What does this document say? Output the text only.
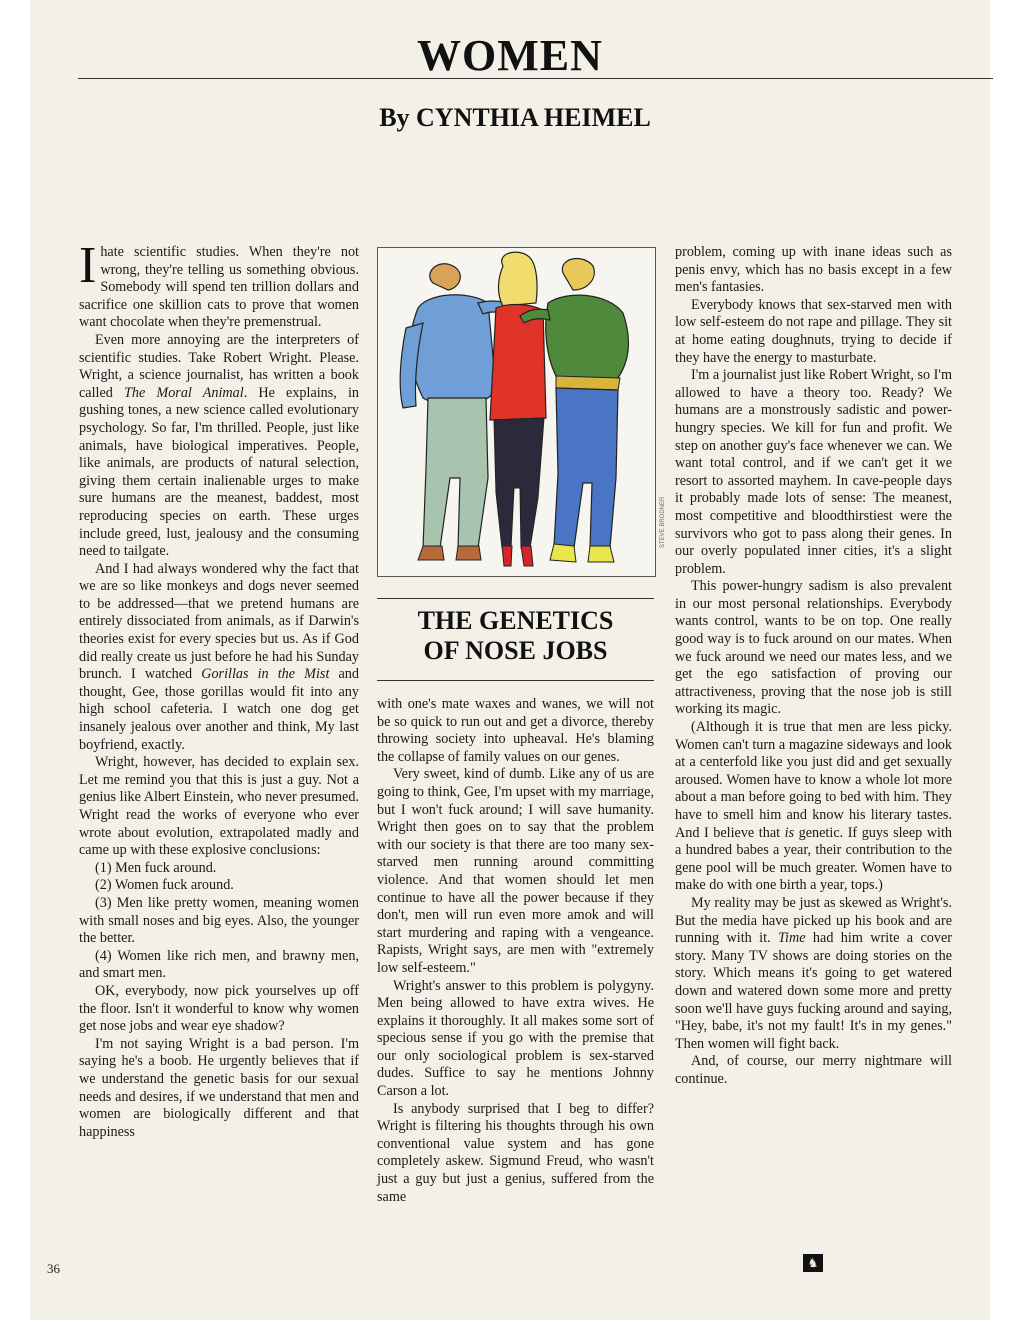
WOMEN
By CYNTHIA HEIMEL

Ihate scientific studies. When they're not wrong, they're telling us something obvious. Somebody will spend ten trillion dollars and sacrifice one skillion cats to prove that women want chocolate when they're premenstrual.

Even more annoying are the interpreters of scientific studies. Take Robert Wright. Please. Wright, a science journalist, has written a book called The Moral Animal. He explains, in gushing tones, a new science called evolutionary psychology. So far, I'm thrilled. People, just like animals, have biological imperatives. People, like animals, are products of natural selection, giving them certain inalienable urges to make sure humans are the meanest, baddest, most reproducing species on earth. These urges include greed, lust, jealousy and the consuming need to tailgate.

And I had always wondered why the fact that we are so like monkeys and dogs never seemed to be addressed—that we pretend humans are entirely dissociated from animals, as if Darwin's theories exist for every species but us. As if God did really create us just before he had his Sunday brunch. I watched Gorillas in the Mist and thought, Gee, those gorillas would fit into any high school cafeteria. I watch one dog get insanely jealous over another and think, My last boyfriend, exactly.

Wright, however, has decided to explain sex. Let me remind you that this is just a guy. Not a genius like Albert Einstein, who never presumed. Wright read the works of everyone who ever wrote about evolution, extrapolated madly and came up with these explosive conclusions:

(1) Men fuck around.

(2) Women fuck around.

(3) Men like pretty women, meaning women with small noses and big eyes. Also, the younger the better.

(4) Women like rich men, and brawny men, and smart men.

OK, everybody, now pick yourselves up off the floor. Isn't it wonderful to know why women get nose jobs and wear eye shadow?

I'm not saying Wright is a bad person. I'm saying he's a boob. He urgently believes that if we understand the genetic basis for our sexual needs and desires, if we understand that men and women are biologically different and that happiness

STEVE BRODNER
THE GENETICS
OF NOSE JOBS

with one's mate waxes and wanes, we will not be so quick to run out and get a divorce, thereby throwing society into upheaval. He's blaming the collapse of family values on our genes.

Very sweet, kind of dumb. Like any of us are going to think, Gee, I'm upset with my marriage, but I won't fuck around; I will save humanity. Wright then goes on to say that the problem with our society is that there are too many sex-starved men running around committing violence. And that women should let men continue to have all the power because if they don't, men will run even more amok and will start murdering and raping with a vengeance. Rapists, Wright says, are men with "extremely low self-esteem."

Wright's answer to this problem is polygyny. Men being allowed to have extra wives. He explains it thoroughly. It all makes some sort of specious sense if you go with the premise that our only sociological problem is sex-starved dudes. Suffice to say he mentions Johnny Carson a lot.

Is anybody surprised that I beg to differ? Wright is filtering his thoughts through his own conventional value system and has gone completely askew. Sigmund Freud, who wasn't just a guy but just a genius, suffered from the same

problem, coming up with inane ideas such as penis envy, which has no basis except in a few men's fantasies.

Everybody knows that sex-starved men with low self-esteem do not rape and pillage. They sit at home eating doughnuts, trying to decide if they have the energy to masturbate.

I'm a journalist just like Robert Wright, so I'm allowed to have a theory too. Ready? We humans are a monstrously sadistic and power-hungry species. We kill for fun and profit. We step on another guy's face whenever we can. We want total control, and if we can't get it we resort to assorted mayhem. In cave-people days it probably made lots of sense: The meanest, most competitive and bloodthirstiest were the survivors who got to pass along their genes. In our overly populated inner cities, it's a slight problem.

This power-hungry sadism is also prevalent in our most personal relationships. Everybody wants control, wants to be on top. One really good way is to fuck around on our mates. When we fuck around we need our mates less, and we get the ego satisfaction of proving our attractiveness, proving that the nose job is still working its magic.

(Although it is true that men are less picky. Women can't turn a magazine sideways and look at a centerfold like you just did and get sexually aroused. Women have to know a whole lot more about a man before going to bed with him. They have to smell him and know his literary tastes. And I believe that is genetic. If guys sleep with a hundred babes a year, their contribution to the gene pool will be much greater. Women have to make do with one birth a year, tops.)

My reality may be just as skewed as Wright's. But the media have picked up his book and are running with it. Time had him write a cover story. Many TV shows are doing stories on the story. Which means it's going to get watered down and watered down some more and pretty soon we'll have guys fucking around and saying, "Hey, babe, it's not my fault! It's in my genes." Then women will fight back.

And, of course, our merry nightmare will continue.

36	♞
